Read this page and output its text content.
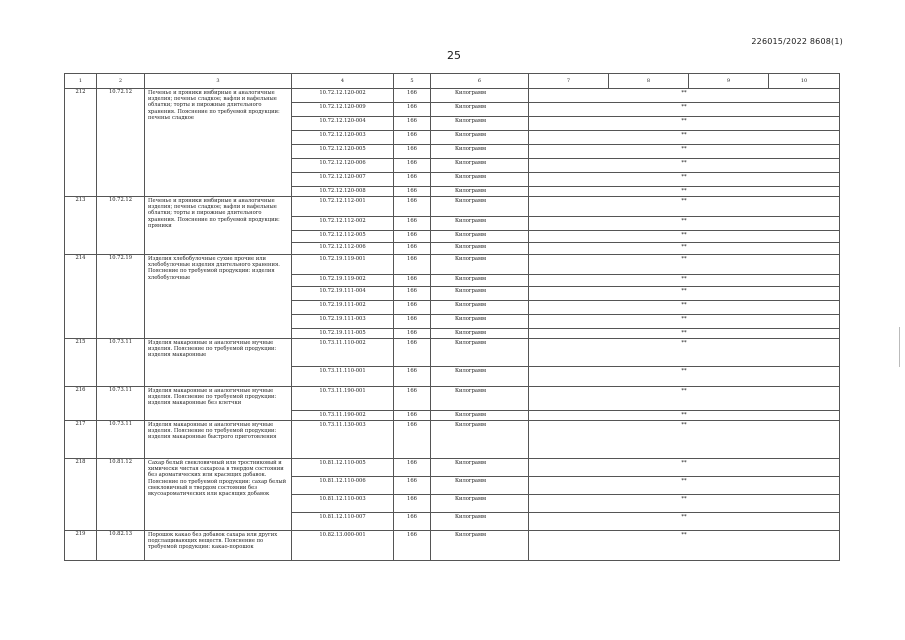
226015/2022 8608(1)
25
1	2	3	4	5	6	7	8	9	10
212	10.72.12	Печенье и пряники имбирные и аналогичные изделия; печенье сладкое; вафли и вафельные облатки; торты и пирожные длительного хранения. Пояснение по требуемой продукции: печенье сладкое	10.72.12.120-002	166	Килограмм	**			
			10.72.12.120-009	166	Килограмм	**			
			10.72.12.120-004	166	Килограмм	**			
			10.72.12.120-003	166	Килограмм	**			
			10.72.12.120-005	166	Килограмм	**			
			10.72.12.120-006	166	Килограмм	**			
			10.72.12.120-007	166	Килограмм	**			
			10.72.12.120-008	166	Килограмм	**			
213	10.72.12	Печенье и пряники имбирные и аналогичные изделия; печенье сладкое; вафли и вафельные облатки; торты и пирожные длительного хранения. Пояснение по требуемой продукции: пряники	10.72.12.112-001	166	Килограмм	**			
			10.72.12.112-002	166	Килограмм	**			
			10.72.12.112-005	166	Килограмм	**			
			10.72.12.112-006	166	Килограмм	**			
214	10.72.19	Изделия хлебобулочные сухие прочие или хлебобулочные изделия длительного хранения. Пояснение по требуемой продукции: изделия хлебобулочные	10.72.19.119-001	166	Килограмм	**			
			10.72.19.119-002	166	Килограмм	**			
			10.72.19.111-004	166	Килограмм	**			
			10.72.19.111-002	166	Килограмм	**			
			10.72.19.111-003	166	Килограмм	**			
			10.72.19.111-005	166	Килограмм	**			
215	10.73.11	Изделия макаронные и аналогичные мучные изделия. Пояснение по требуемой продукции: изделия макаронные	10.73.11.110-002	166	Килограмм	**			
			10.73.11.110-001	166	Килограмм	**			
216	10.73.11	Изделия макаронные и аналогичные мучные изделия. Пояснение по требуемой продукции: изделия макаронные без клетчки	10.73.11.190-001	166	Килограмм	**			
			10.73.11.190-002	166	Килограмм	**			
217	10.73.11	Изделия макаронные и аналогичные мучные изделия. Пояснение по требуемой продукции: изделия макаронные быстрого приготовления	10.73.11.130-003	166	Килограмм	**			
218	10.81.12	Сахар белый свекловичный или тростниковый и химически чистая сахароза в твердом состоянии без ароматических или красящих добавок. Пояснение по требуемой продукции: сахар белый свекловичный в твердом состоянии без вкусоароматических или красящих добавок	10.81.12.110-005	166	Килограмм	**			
			10.81.12.110-006	166	Килограмм	**			
			10.81.12.110-003	166	Килограмм	**			
			10.81.12.110-007	166	Килограмм	**			
219	10.82.13	Порошок какао без добавок сахара или других подслащивающих веществ. Пояснение по требуемой продукции: какао-порошок	10.82.13.000-001	166	Килограмм	**			
